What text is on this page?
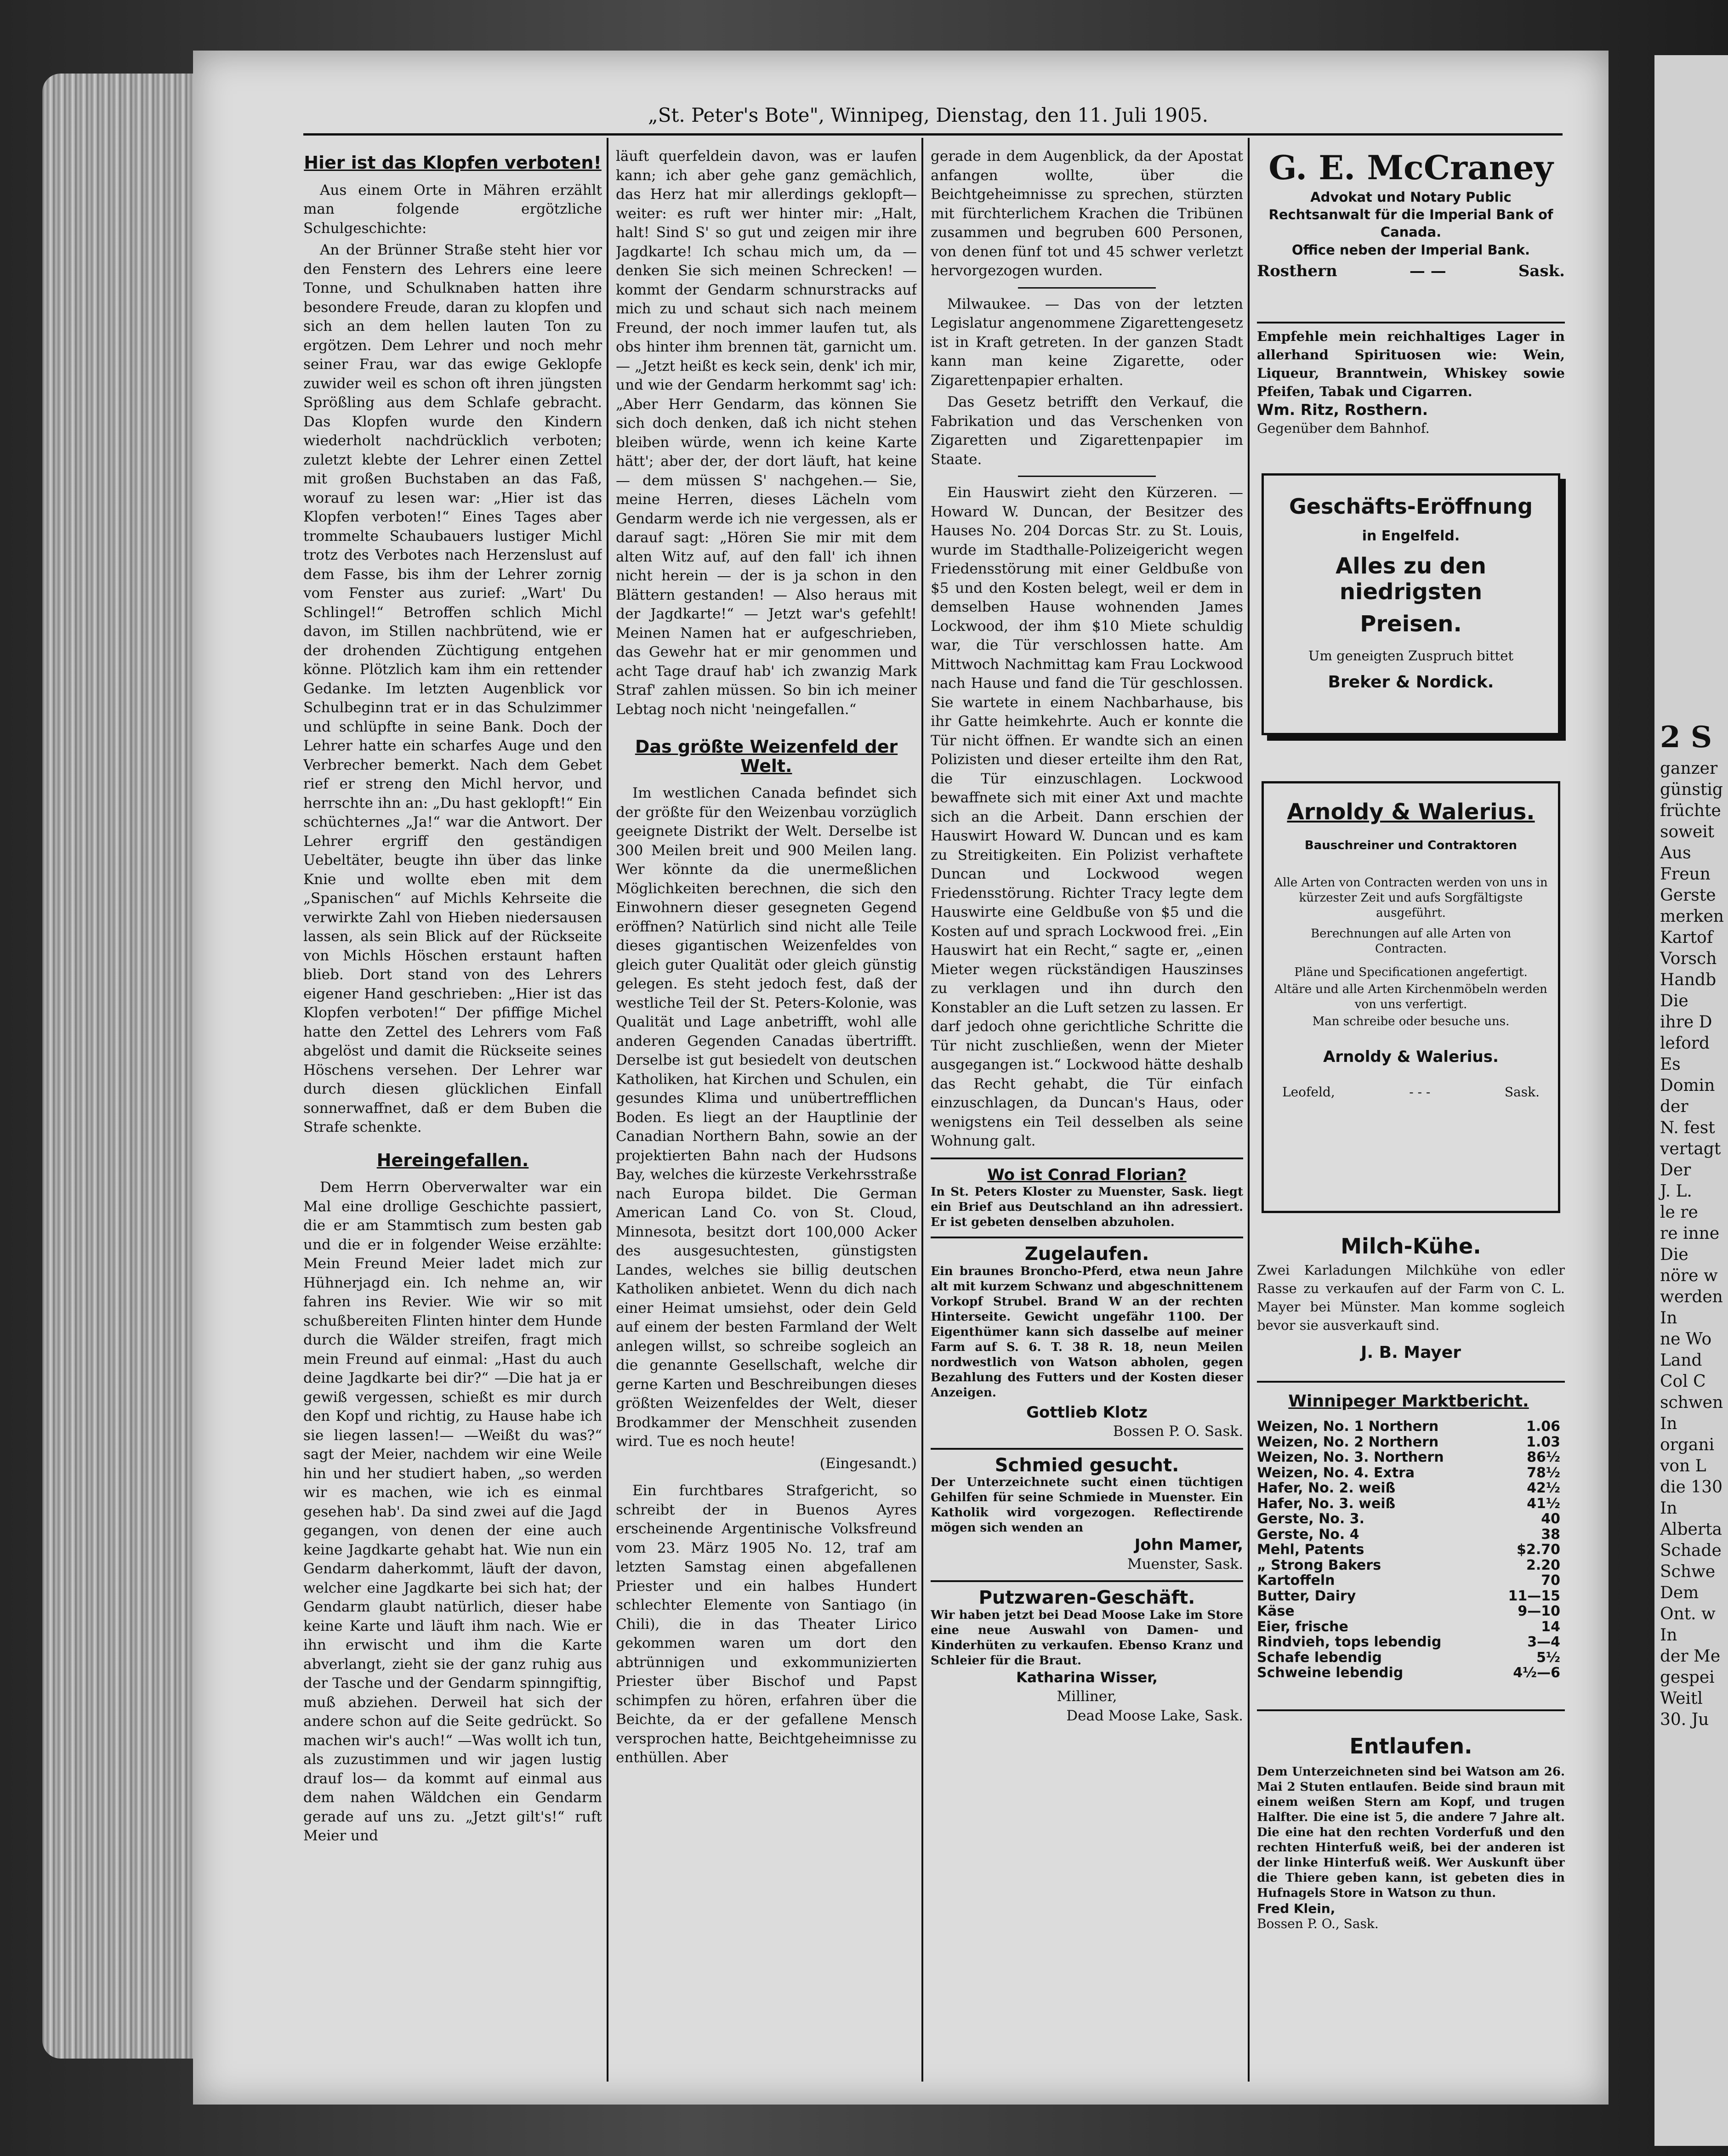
2 S
ganzer
günstig
früchte
soweit
Aus
Freun
Gerste
merken
Kartof
Vorsch
Handb
Die
ihre D
leford
Es
Domin
der
N. fest
vertagt
Der
J. L.
le re
re inne
Die
nöre w
werden
In
ne Wo
Land
Col C
schwen
In
organi
von L
die 130
In
Alberta
Schade
Schwe
Dem
Ont. w
In
der Me
gespei
Weitl
30. Ju
„St. Peter's Bote", Winnipeg, Dienstag, den 11. Juli 1905.
Hier ist das Klopfen verboten!

Aus einem Orte in Mähren erzählt man folgende ergötzliche Schulgeschichte:

An der Brünner Straße steht hier vor den Fenstern des Lehrers eine leere Tonne, und Schulknaben hatten ihre besondere Freude, daran zu klopfen und sich an dem hellen lauten Ton zu ergötzen. Dem Lehrer und noch mehr seiner Frau, war das ewige Geklopfe zuwider weil es schon oft ihren jüngsten Sprößling aus dem Schlafe gebracht. Das Klopfen wurde den Kindern wiederholt nachdrücklich verboten; zuletzt klebte der Lehrer einen Zettel mit großen Buchstaben an das Faß, worauf zu lesen war: „Hier ist das Klopfen verboten!“ Eines Tages aber trommelte Schaubauers lustiger Michl trotz des Verbotes nach Herzenslust auf dem Fasse, bis ihm der Lehrer zornig vom Fenster aus zurief: „Wart' Du Schlingel!“ Betroffen schlich Michl davon, im Stillen nachbrütend, wie er der drohenden Züchtigung entgehen könne. Plötzlich kam ihm ein rettender Gedanke. Im letzten Augenblick vor Schulbeginn trat er in das Schulzimmer und schlüpfte in seine Bank. Doch der Lehrer hatte ein scharfes Auge und den Verbrecher bemerkt. Nach dem Gebet rief er streng den Michl hervor, und herrschte ihn an: „Du hast geklopft!“ Ein schüchternes „Ja!“ war die Antwort. Der Lehrer ergriff den geständigen Uebeltäter, beugte ihn über das linke Knie und wollte eben mit dem „Spanischen“ auf Michls Kehrseite die verwirkte Zahl von Hieben niedersausen lassen, als sein Blick auf der Rückseite von Michls Höschen erstaunt haften blieb. Dort stand von des Lehrers eigener Hand geschrieben: „Hier ist das Klopfen verboten!“ Der pfiffige Michel hatte den Zettel des Lehrers vom Faß abgelöst und damit die Rückseite seines Höschens versehen. Der Lehrer war durch diesen glücklichen Einfall sonnerwaffnet, daß er dem Buben die Strafe schenkte.

Hereingefallen.

Dem Herrn Oberverwalter war ein Mal eine drollige Geschichte passiert, die er am Stammtisch zum besten gab und die er in folgender Weise erzählte: Mein Freund Meier ladet mich zur Hühnerjagd ein. Ich nehme an, wir fahren ins Revier. Wie wir so mit schußbereiten Flinten hinter dem Hunde durch die Wälder streifen, fragt mich mein Freund auf einmal: „Hast du auch deine Jagdkarte bei dir?“ —Die hat ja er gewiß vergessen, schießt es mir durch den Kopf und richtig, zu Hause habe ich sie liegen lassen!— —Weißt du was?“ sagt der Meier, nachdem wir eine Weile hin und her studiert haben, „so werden wir es machen, wie ich es einmal gesehen hab'. Da sind zwei auf die Jagd gegangen, von denen der eine auch keine Jagdkarte gehabt hat. Wie nun ein Gendarm daherkommt, läuft der davon, welcher eine Jagdkarte bei sich hat; der Gendarm glaubt natürlich, dieser habe keine Karte und läuft ihm nach. Wie er ihn erwischt und ihm die Karte abverlangt, zieht sie der ganz ruhig aus der Tasche und der Gendarm spinngiftig, muß abziehen. Derweil hat sich der andere schon auf die Seite gedrückt. So machen wir's auch!“ —Was wollt ich tun, als zuzustimmen und wir jagen lustig drauf los— da kommt auf einmal aus dem nahen Wäldchen ein Gendarm gerade auf uns zu. „Jetzt gilt's!“ ruft Meier und

läuft querfeldein davon, was er laufen kann; ich aber gehe ganz gemächlich, das Herz hat mir allerdings geklopft—weiter: es ruft wer hinter mir: „Halt, halt! Sind S' so gut und zeigen mir ihre Jagdkarte! Ich schau mich um, da — denken Sie sich meinen Schrecken! —kommt der Gendarm schnurstracks auf mich zu und schaut sich nach meinem Freund, der noch immer laufen tut, als obs hinter ihm brennen tät, garnicht um. — „Jetzt heißt es keck sein, denk' ich mir, und wie der Gendarm herkommt sag' ich: „Aber Herr Gendarm, das können Sie sich doch denken, daß ich nicht stehen bleiben würde, wenn ich keine Karte hätt'; aber der, der dort läuft, hat keine — dem müssen S' nachgehen.— Sie, meine Herren, dieses Lächeln vom Gendarm werde ich nie vergessen, als er darauf sagt: „Hören Sie mir mit dem alten Witz auf, auf den fall' ich ihnen nicht herein — der is ja schon in den Blättern gestanden! — Also heraus mit der Jagdkarte!“ — Jetzt war's gefehlt! Meinen Namen hat er aufgeschrieben, das Gewehr hat er mir genommen und acht Tage drauf hab' ich zwanzig Mark Straf' zahlen müssen. So bin ich meiner Lebtag noch nicht 'neingefallen.“

Das größte Weizenfeld der Welt.

Im westlichen Canada befindet sich der größte für den Weizenbau vorzüglich geeignete Distrikt der Welt. Derselbe ist 300 Meilen breit und 900 Meilen lang. Wer könnte da die unermeßlichen Möglichkeiten berechnen, die sich den Einwohnern dieser gesegneten Gegend eröffnen? Natürlich sind nicht alle Teile dieses gigantischen Weizenfeldes von gleich guter Qualität oder gleich günstig gelegen. Es steht jedoch fest, daß der westliche Teil der St. Peters-Kolonie, was Qualität und Lage anbetrifft, wohl alle anderen Gegenden Canadas übertrifft. Derselbe ist gut besiedelt von deutschen Katholiken, hat Kirchen und Schulen, ein gesundes Klima und unübertrefflichen Boden. Es liegt an der Hauptlinie der Canadian Northern Bahn, sowie an der projektierten Bahn nach der Hudsons Bay, welches die kürzeste Verkehrsstraße nach Europa bildet. Die German American Land Co. von St. Cloud, Minnesota, besitzt dort 100,000 Acker des ausgesuchtesten, günstigsten Landes, welches sie billig deutschen Katholiken anbietet. Wenn du dich nach einer Heimat umsiehst, oder dein Geld auf einem der besten Farmland der Welt anlegen willst, so schreibe sogleich an die genannte Gesellschaft, welche dir gerne Karten und Beschreibungen dieses größten Weizenfeldes der Welt, dieser Brodkammer der Menschheit zusenden wird. Tue es noch heute!

(Eingesandt.)

Ein furchtbares Strafgericht, so schreibt der in Buenos Ayres erscheinende Argentinische Volksfreund vom 23. März 1905 No. 12, traf am letzten Samstag einen abgefallenen Priester und ein halbes Hundert schlechter Elemente von Santiago (in Chili), die in das Theater Lirico gekommen waren um dort den abtrünnigen und exkommunizierten Priester über Bischof und Papst schimpfen zu hören, erfahren über die Beichte, da er der gefallene Mensch versprochen hatte, Beichtgeheimnisse zu enthüllen. Aber

gerade in dem Augenblick, da der Apostat anfangen wollte, über die Beichtgeheimnisse zu sprechen, stürzten mit fürchterlichem Krachen die Tribünen zusammen und begruben 600 Personen, von denen fünf tot und 45 schwer verletzt hervorgezogen wurden.

Milwaukee. — Das von der letzten Legislatur angenommene Zigarettengesetz ist in Kraft getreten. In der ganzen Stadt kann man keine Zigarette, oder Zigarettenpapier erhalten.

Das Gesetz betrifft den Verkauf, die Fabrikation und das Verschenken von Zigaretten und Zigarettenpapier im Staate.

Ein Hauswirt zieht den Kürzeren. — Howard W. Duncan, der Besitzer des Hauses No. 204 Dorcas Str. zu St. Louis, wurde im Stadthalle-Polizeigericht wegen Friedensstörung mit einer Geldbuße von $5 und den Kosten belegt, weil er dem in demselben Hause wohnenden James Lockwood, der ihm $10 Miete schuldig war, die Tür verschlossen hatte. Am Mittwoch Nachmittag kam Frau Lockwood nach Hause und fand die Tür geschlossen. Sie wartete in einem Nachbarhause, bis ihr Gatte heimkehrte. Auch er konnte die Tür nicht öffnen. Er wandte sich an einen Polizisten und dieser erteilte ihm den Rat, die Tür einzuschlagen. Lockwood bewaffnete sich mit einer Axt und machte sich an die Arbeit. Dann erschien der Hauswirt Howard W. Duncan und es kam zu Streitigkeiten. Ein Polizist verhaftete Duncan und Lockwood wegen Friedensstörung. Richter Tracy legte dem Hauswirte eine Geldbuße von $5 und die Kosten auf und sprach Lockwood frei. „Ein Hauswirt hat ein Recht,“ sagte er, „einen Mieter wegen rückständigen Hauszinses zu verklagen und ihn durch den Konstabler an die Luft setzen zu lassen. Er darf jedoch ohne gerichtliche Schritte die Tür nicht zuschließen, wenn der Mieter ausgegangen ist.“ Lockwood hätte deshalb das Recht gehabt, die Tür einfach einzuschlagen, da Duncan's Haus, oder wenigstens ein Teil desselben als seine Wohnung galt.

Wo ist Conrad Florian?
In St. Peters Kloster zu Muenster, Sask. liegt ein Brief aus Deutschland an ihn adressiert. Er ist gebeten denselben abzuholen.
Zugelaufen.
Ein braunes Broncho-Pferd, etwa neun Jahre alt mit kurzem Schwanz und abgeschnittenem Vorkopf Strubel. Brand W an der rechten Hinterseite. Gewicht ungefähr 1100. Der Eigenthümer kann sich dasselbe auf meiner Farm auf S. 6. T. 38 R. 18, neun Meilen nordwestlich von Watson abholen, gegen Bezahlung des Futters und der Kosten dieser Anzeigen.
Gottlieb Klotz
Bossen P. O. Sask.
Schmied gesucht.
Der Unterzeichnete sucht einen tüchtigen Gehilfen für seine Schmiede in Muenster. Ein Katholik wird vorgezogen. Reflectirende mögen sich wenden an
John Mamer,
Muenster, Sask.
Putzwaren-Geschäft.
Wir haben jetzt bei Dead Moose Lake im Store eine neue Auswahl von Damen- und Kinderhüten zu verkaufen. Ebenso Kranz und Schleier für die Braut.
Katharina Wisser,
Milliner,
Dead Moose Lake, Sask.
G. E. McCraney
Advokat und Notary Public
Rechtsanwalt für die Imperial Bank of Canada.
Office neben der Imperial Bank.
Rosthern	— —	Sask.
Empfehle mein reichhaltiges Lager in allerhand Spirituosen wie: Wein, Liqueur, Branntwein, Whiskey sowie Pfeifen, Tabak und Cigarren.
Wm. Ritz, Rosthern.
Gegenüber dem Bahnhof.
Geschäfts-Eröffnung
in Engelfeld.
Alles zu den niedrigsten
Preisen.
Um geneigten Zuspruch bittet
Breker & Nordick.
Arnoldy & Walerius.
Bauschreiner und Contraktoren
Alle Arten von Contracten werden von uns in kürzester Zeit und aufs Sorgfältigste ausgeführt.
Berechnungen auf alle Arten von Contracten.
Pläne und Specificationen angefertigt.
Altäre und alle Arten Kirchenmöbeln werden von uns verfertigt.
Man schreibe oder besuche uns.
Arnoldy & Walerius.
Leofeld,	- - -	Sask.
Milch-Kühe.
Zwei Karladungen Milchkühe von edler Rasse zu verkaufen auf der Farm von C. L. Mayer bei Münster. Man komme sogleich bevor sie ausverkauft sind.
J. B. Mayer
Winnipeger Marktbericht.
Weizen, No. 1 Northern	1.06
Weizen, No. 2 Northern	1.03
Weizen, No. 3. Northern	86½
Weizen, No. 4. Extra	78½
Hafer, No. 2. weiß	42½
Hafer, No. 3. weiß	41½
Gerste, No. 3.	40
Gerste, No. 4	38
Mehl, Patents	$2.70
„ Strong Bakers	2.20
Kartoffeln	70
Butter, Dairy	11—15
Käse	9—10
Eier, frische	14
Rindvieh, tops lebendig	3—4
Schafe lebendig	5½
Schweine lebendig	4½—6
Entlaufen.
Dem Unterzeichneten sind bei Watson am 26. Mai 2 Stuten entlaufen. Beide sind braun mit einem weißen Stern am Kopf, und trugen Halfter. Die eine ist 5, die andere 7 Jahre alt. Die eine hat den rechten Vorderfuß und den rechten Hinterfuß weiß, bei der anderen ist der linke Hinterfuß weiß. Wer Auskunft über die Thiere geben kann, ist gebeten dies in Hufnagels Store in Watson zu thun.
Fred Klein,
Bossen P. O., Sask.
